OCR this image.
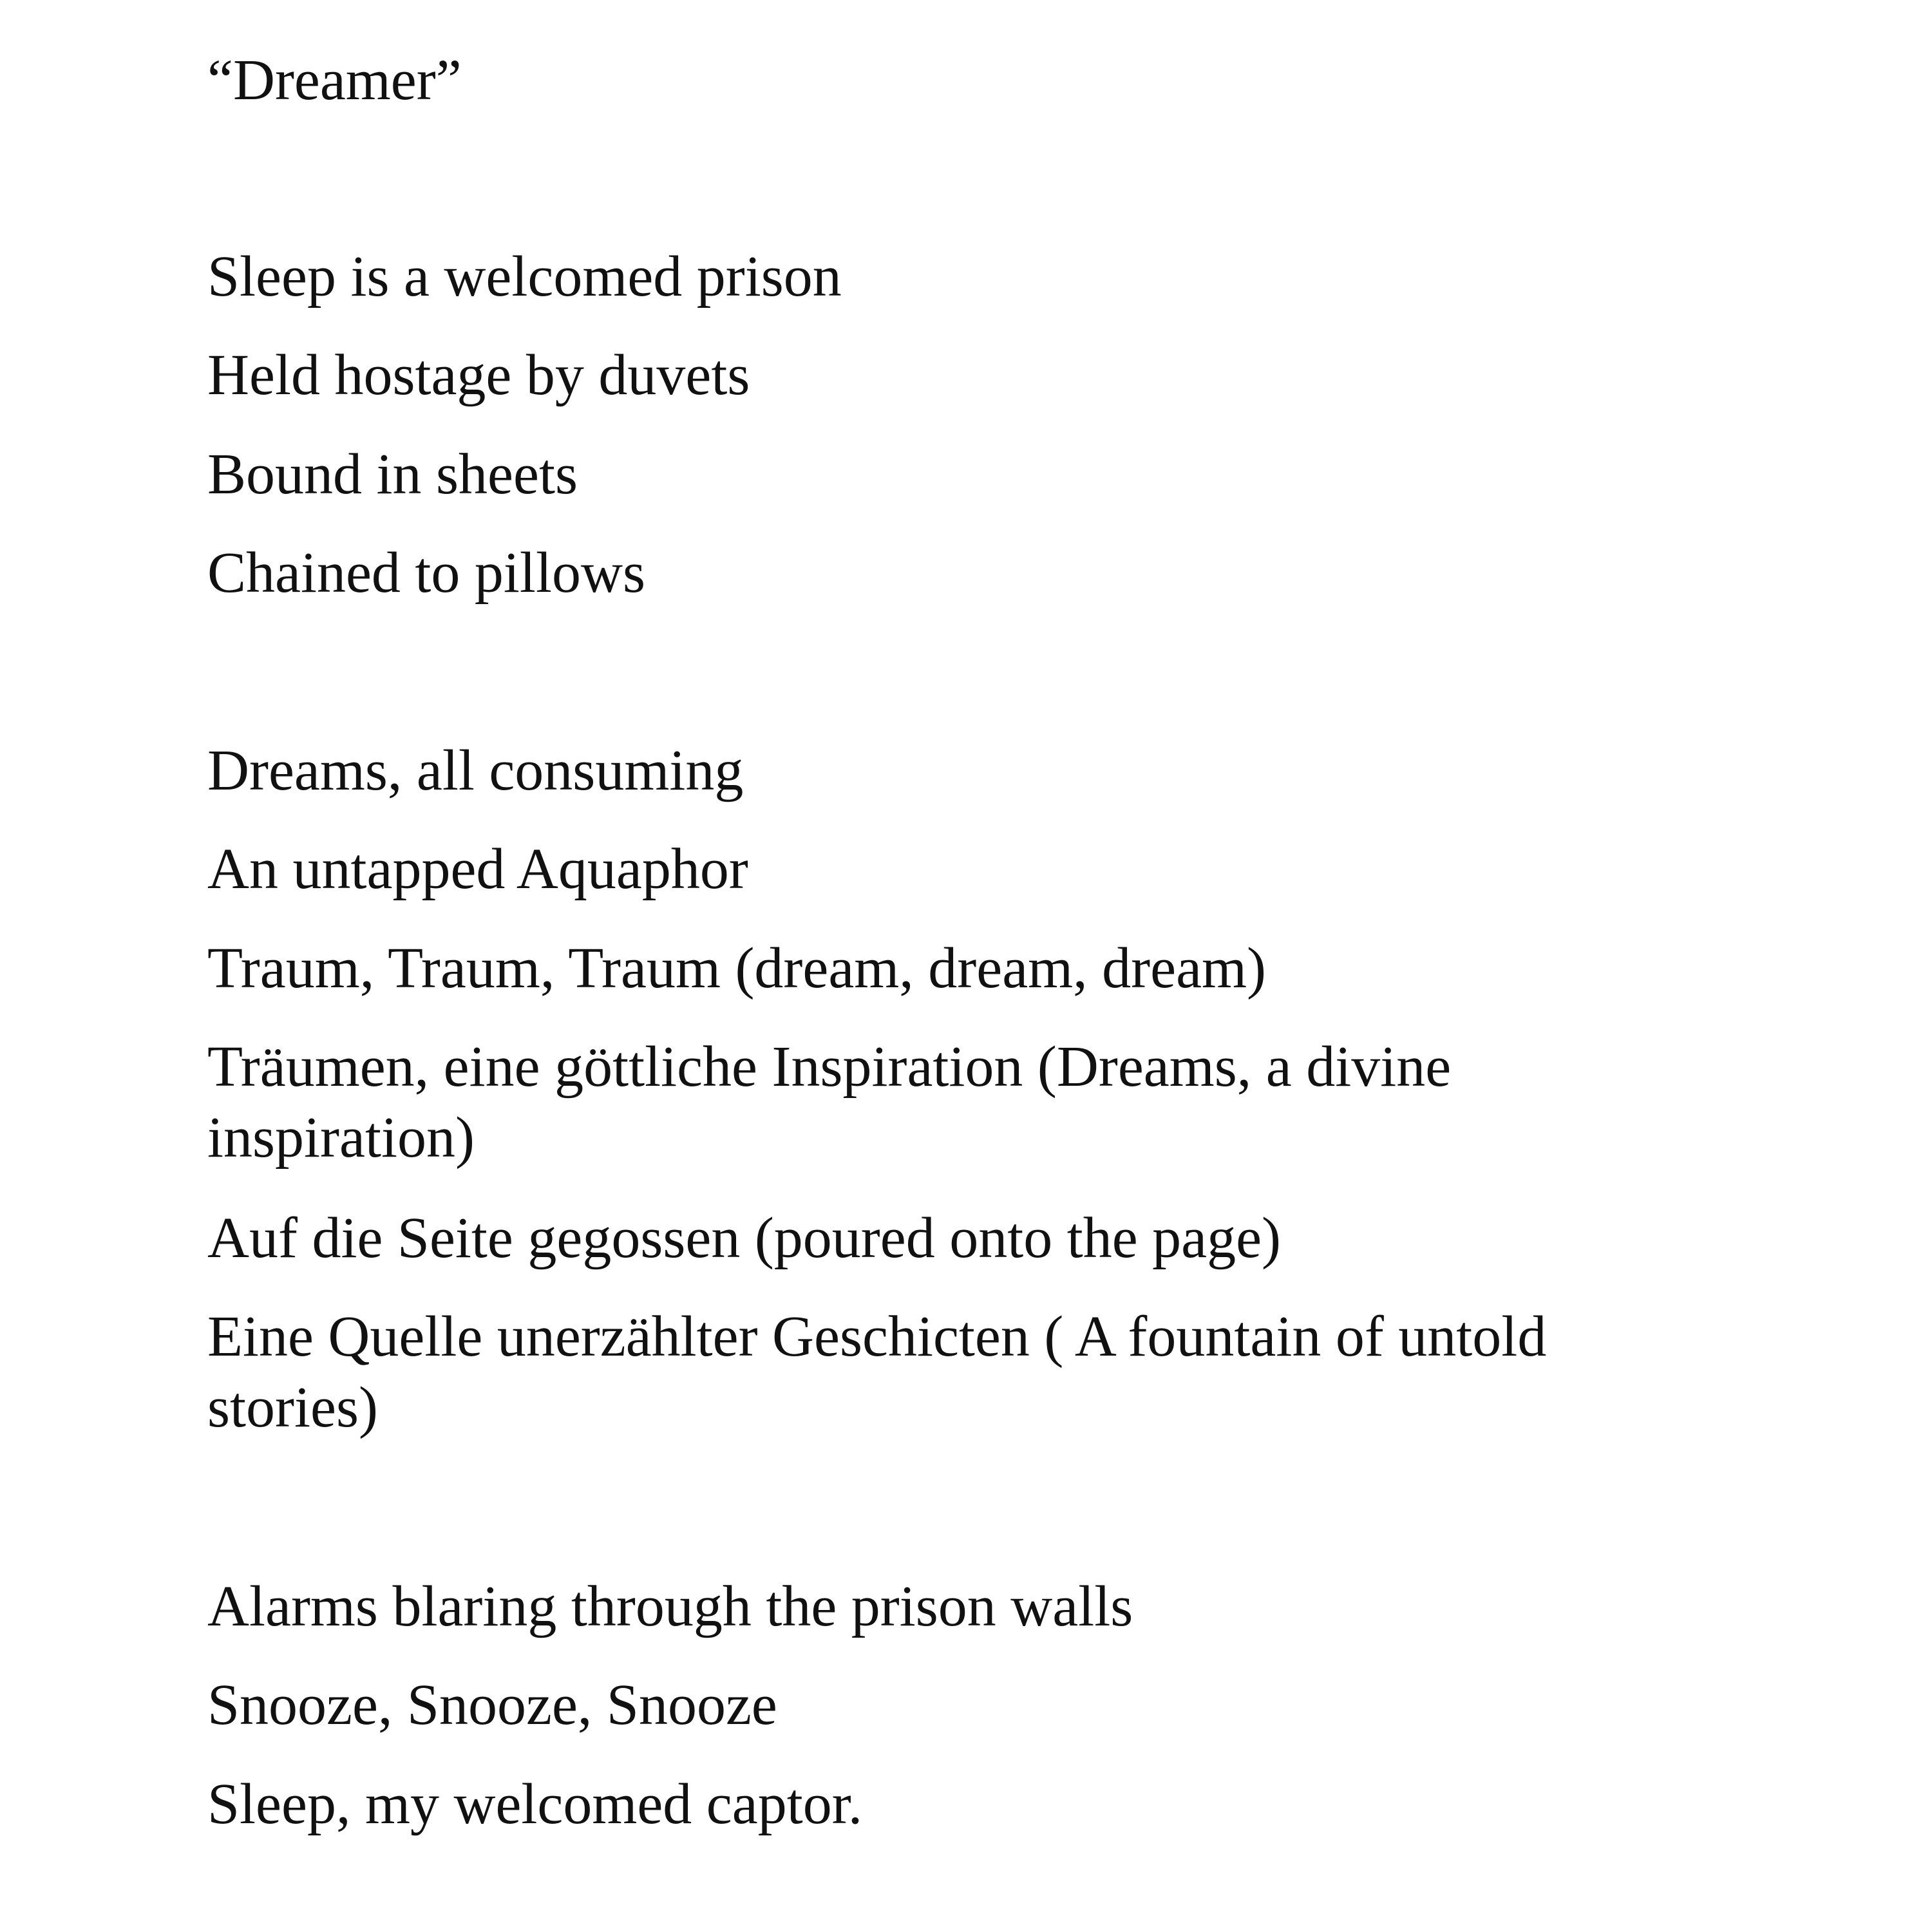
“Dreamer”

Sleep is a welcomed prison

Held hostage by duvets

Bound in sheets

Chained to pillows

Dreams, all consuming

An untapped Aquaphor

Traum, Traum, Traum (dream, dream, dream)

Träumen, eine göttliche Inspiration (Dreams, a divine inspiration)

Auf die Seite gegossen (poured onto the page)

Eine Quelle unerzählter Geschicten ( A fountain of untold stories)

Alarms blaring through the prison walls

Snooze, Snooze, Snooze

Sleep, my welcomed captor.
